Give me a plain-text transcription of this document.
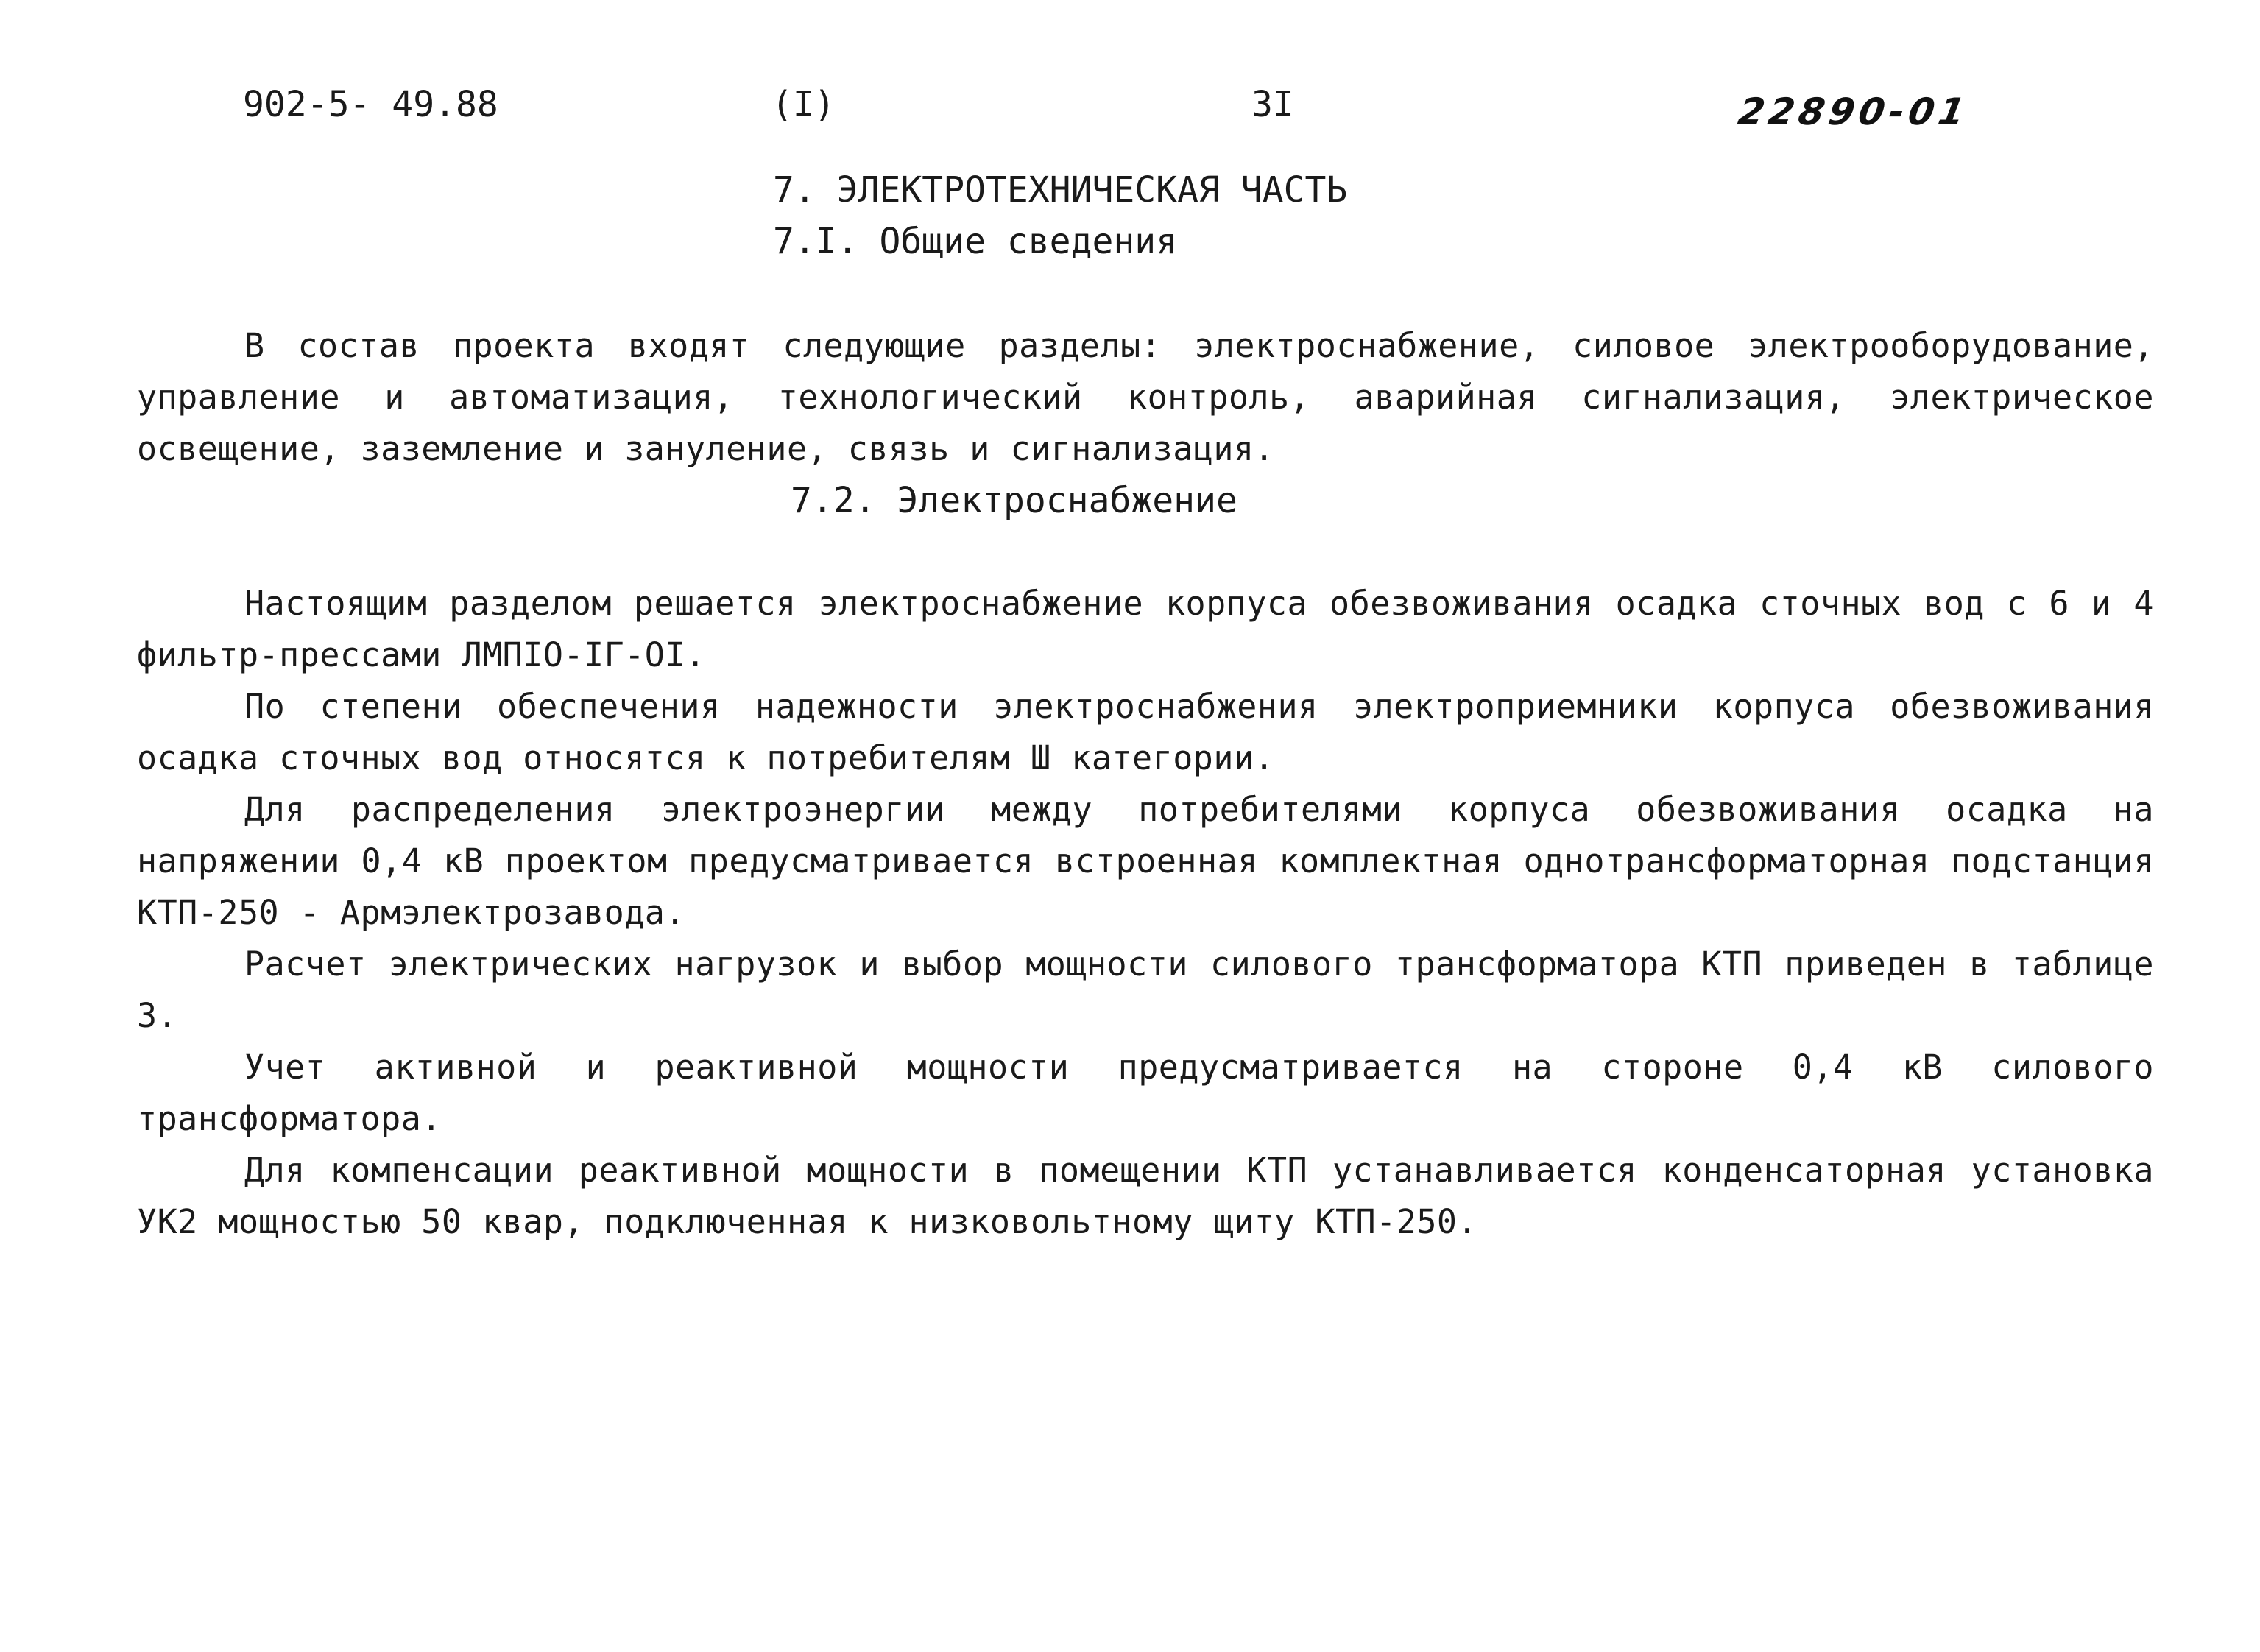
902-5- 49.88	(I)	3I	22890-01
7. ЭЛЕКТРОТЕХНИЧЕСКАЯ ЧАСТЬ
7.I. Общие сведения

В состав проекта входят следующие разделы: электроснабжение, силовое электрооборудование, управление и автоматизация, технологический контроль, аварийная сигнализация, электрическое освещение, заземление и зануление, связь и сигнализация.

7.2. Электроснабжение

Настоящим разделом решается электроснабжение корпуса обезвоживания осадка сточных вод с 6 и 4 фильтр-прессами ЛМПIO-IГ-OI.

По степени обеспечения надежности электроснабжения электроприемники корпуса обезвоживания осадка сточных вод относятся к потребителям Ш категории.

Для распределения электроэнергии между потребителями корпуса обезвоживания осадка на напряжении 0,4 кВ проектом предусматривается встроенная комплектная однотрансформаторная подстанция КТП-250 - Армэлектрозавода.

Расчет электрических нагрузок и выбор мощности силового трансформатора КТП приведен в таблице 3.

Учет активной и реактивной мощности предусматривается на стороне 0,4 кВ силового трансформатора.

Для компенсации реактивной мощности в помещении КТП устанавливается конденсаторная установка УК2 мощностью 50 квар, подключенная к низковольтному щиту КТП-250.
